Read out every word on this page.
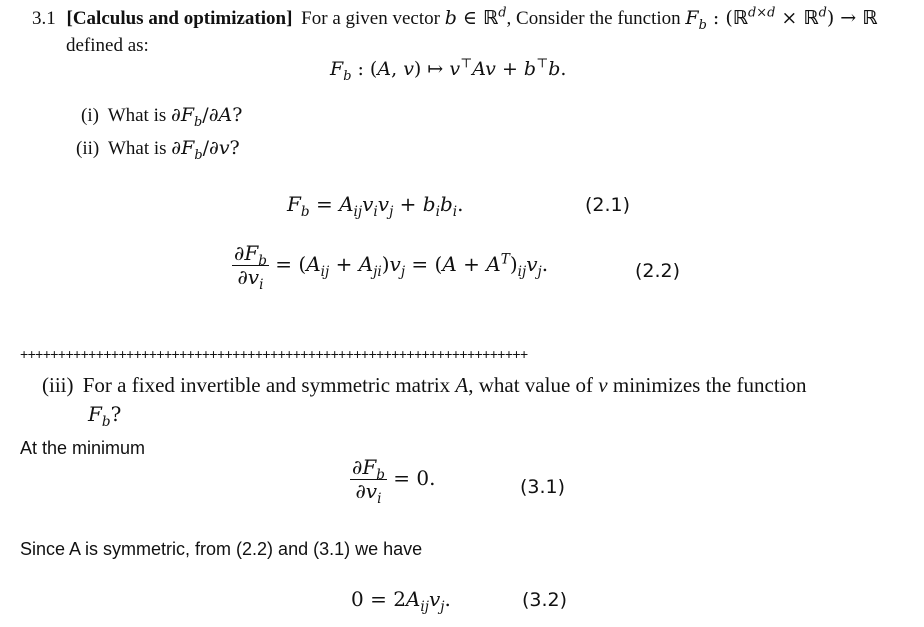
3.1 [Calculus and optimization] For a given vector b ∈ ℝ$^d$, Consider the function $F_b$ : (ℝ$^{d\times d}$ × ℝ$^d$) → ℝ
defined as:
$F_b$ : (A, v) ↦ v⊤Av + b⊤b.
(i) What is $\partial F_b/\partial A$?
(ii) What is $\partial F_b/\partial v$?
$F_b = A_{ij}v_iv_j + b_ib_i$.	(2.1)
$\frac{\partial F_b}{\partial v_i} = (A_{ij} + A_{ji})v_j = (A + A^T)_{ij}v_j$.	(2.2)
+++++++++++++++++++++++++++++++++++++++++++++++++++++++++++++++++++
(iii) For a fixed invertible and symmetric matrix A, what value of v minimizes the function
$F_b$?
At the minimum
$\frac{\partial F_b}{\partial v_i} = 0$.	(3.1)
Since A is symmetric, from (2.2) and (3.1) we have
$0 = 2A_{ij}v_j$.	(3.2)
